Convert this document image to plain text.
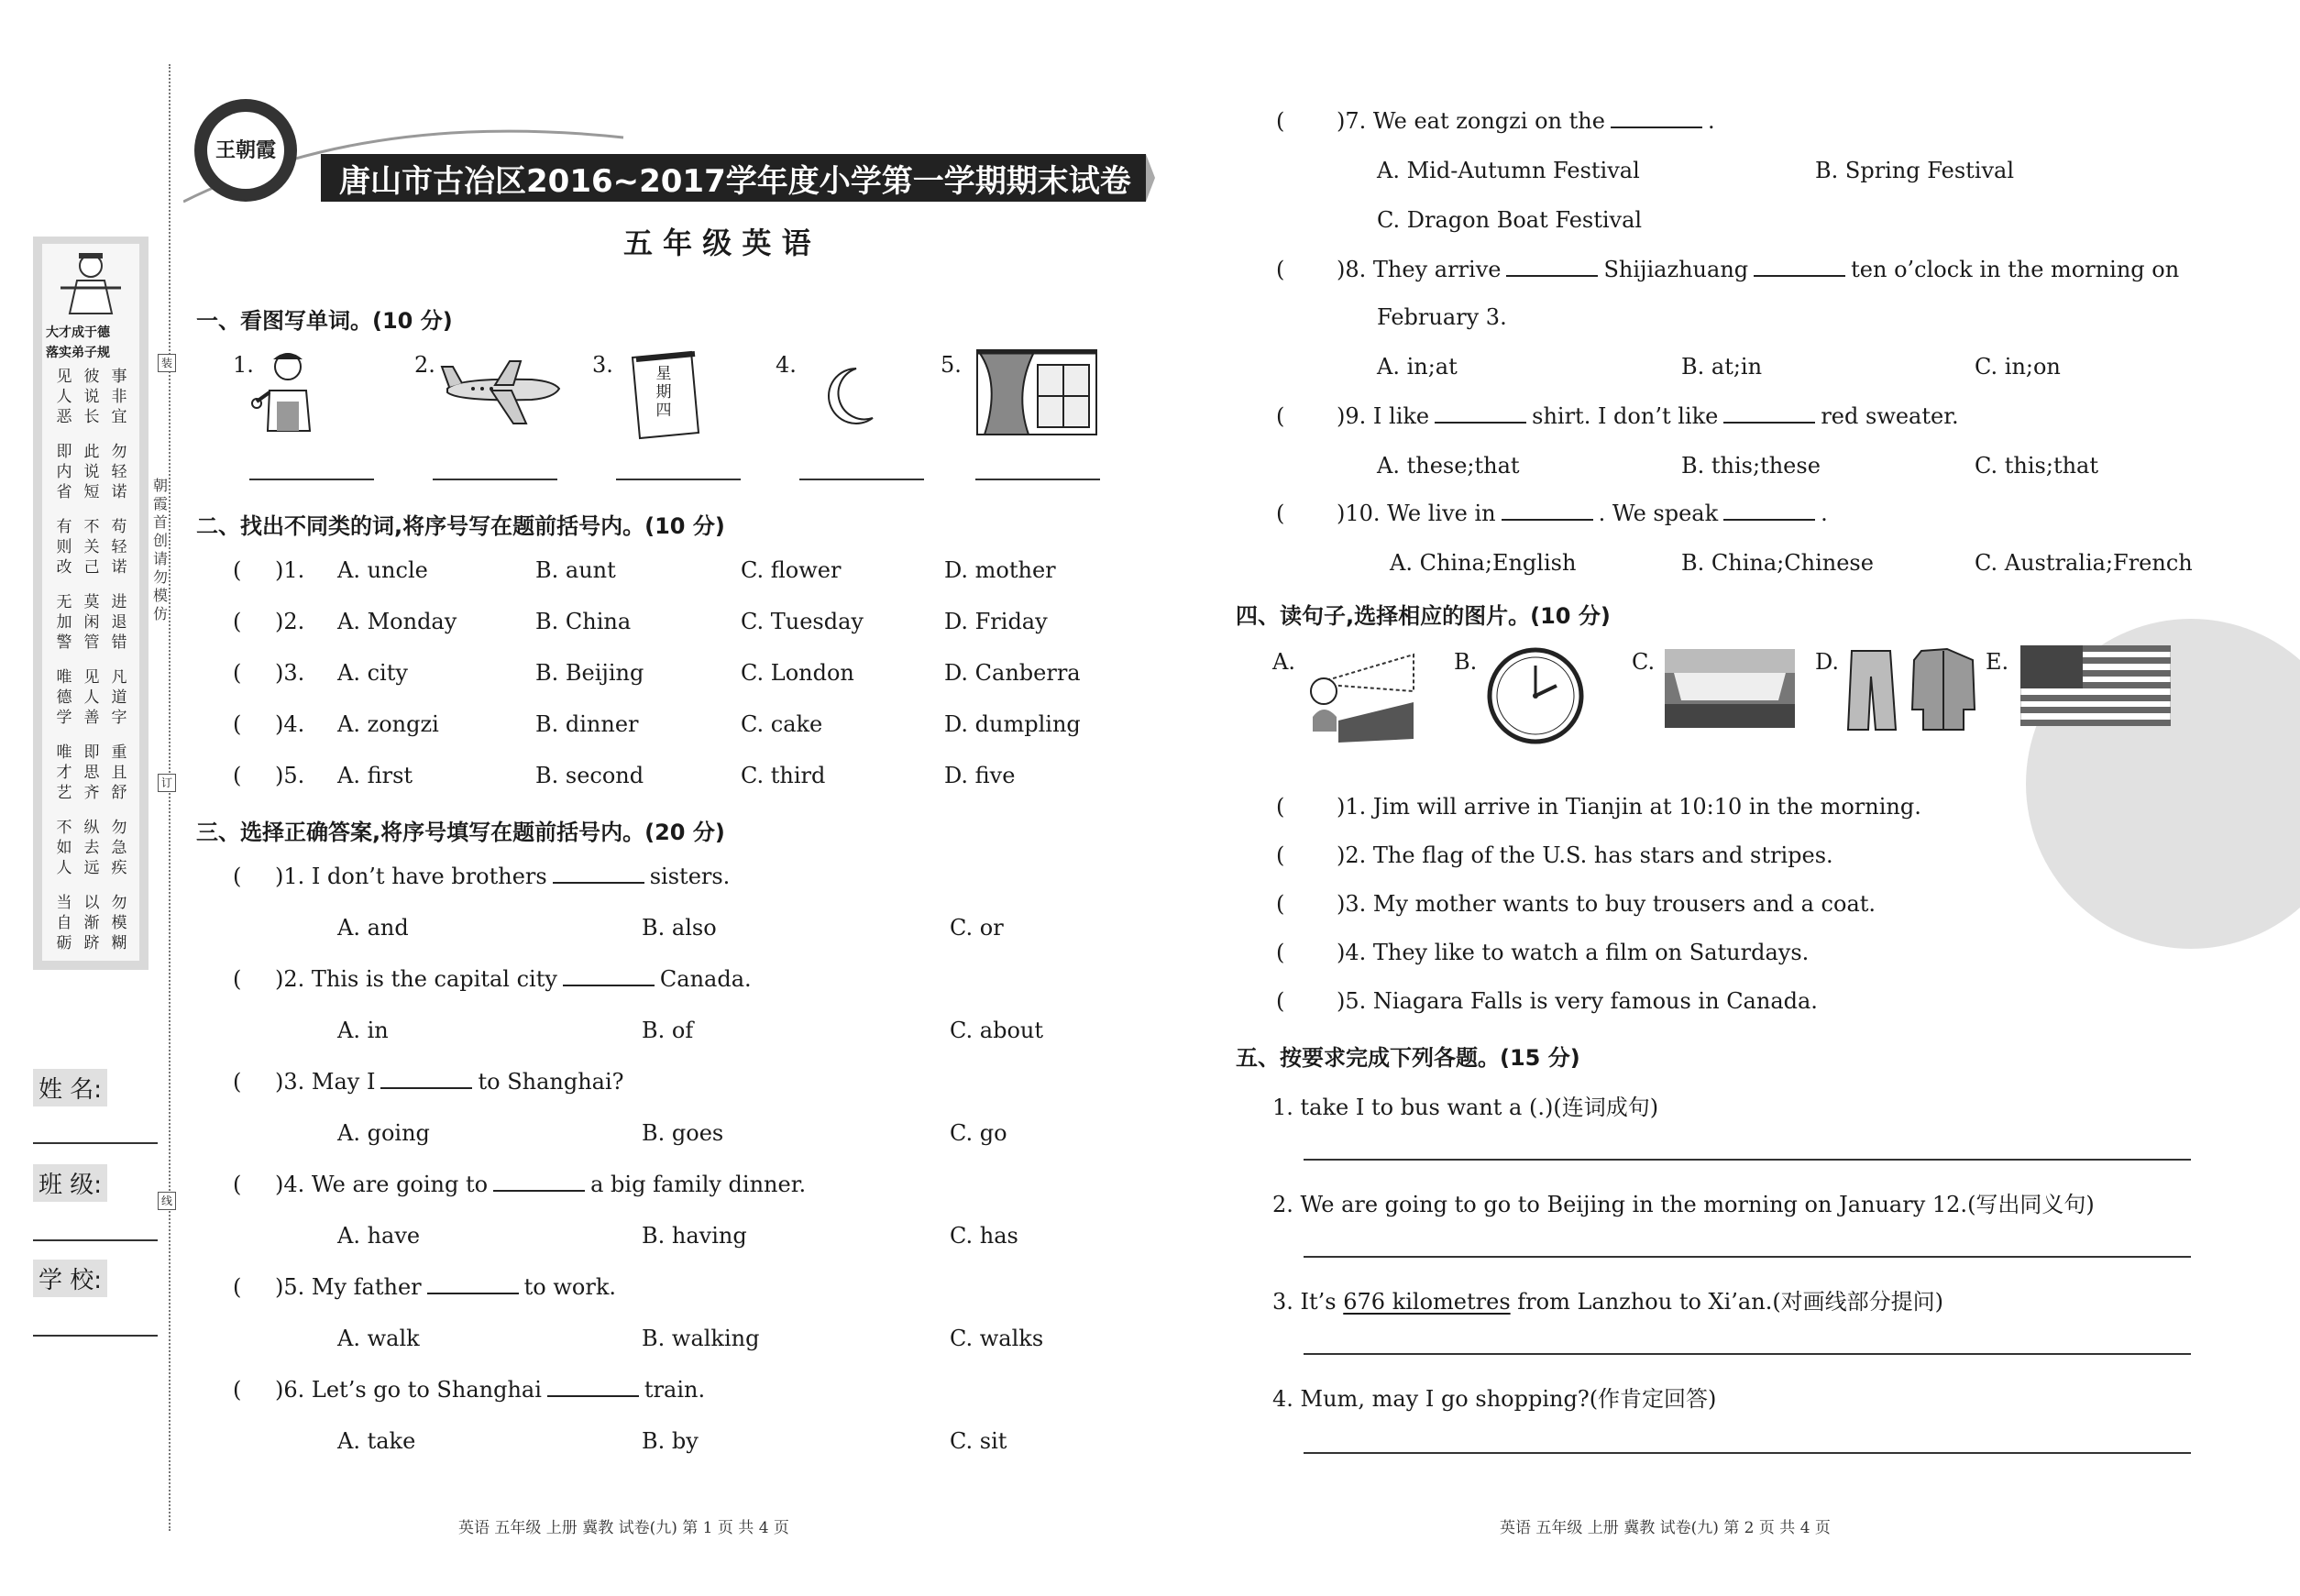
大才成于德
落实弟子规
见人恶
彼说长
事非宜
即内省
此说短
勿轻诺
有则改
不关己
苟轻诺
无加警
莫闲管
进退错
唯德学
见人善
凡道字
唯才艺
即思齐
重且舒
不如人
纵去远
勿急疾
当自砺
以渐跻
勿模糊
朝霞首创 请勿模仿
装
订
线
姓 名:
班 级:
学 校:
唐山市古冶区2016~2017学年度小学第一学期期末试卷
王朝霞
五 年 级 英 语
一、看图写单词。(10 分)
1.	2.	3.	星期四
4.	5.
二、找出不同类的词,将序号写在题前括号内。(10 分)
( )1. A. uncle	B. aunt	C. flower	D. mother
( )2. A. Monday	B. China	C. Tuesday	D. Friday
( )3. A. city	B. Beijing	C. London	D. Canberra
( )4. A. zongzi	B. dinner	C. cake	D. dumpling
( )5. A. first	B. second	C. third	D. five
三、选择正确答案,将序号填写在题前括号内。(20 分)
( )1. I don’t have brothers	sisters.
A. and	B. also	C. or
( )2. This is the capital city	Canada.
A. in	B. of	C. about
( )3. May I	to Shanghai?
A. going	B. goes	C. go
( )4. We are going to	a big family dinner.
A. have	B. having	C. has
( )5. My father	to work.
A. walk	B. walking	C. walks
( )6. Let’s go to Shanghai	train.
A. take	B. by	C. sit
( )7. We eat zongzi on the	.
A. Mid-Autumn Festival	B. Spring Festival
C. Dragon Boat Festival
( )8. They arrive	Shijiazhuang	ten o’clock in the morning on
February 3.
A. in;at	B. at;in	C. in;on
( )9. I like	shirt. I don’t like	red sweater.
A. these;that	B. this;these	C. this;that
( )10. We live in	. We speak	.
A. China;English	B. China;Chinese	C. Australia;French
四、读句子,选择相应的图片。(10 分)
A.	B.	C.	D.	E.
( )1. Jim will arrive in Tianjin at 10:10 in the morning.
( )2. The flag of the U.S. has stars and stripes.
( )3. My mother wants to buy trousers and a coat.
( )4. They like to watch a film on Saturdays.
( )5. Niagara Falls is very famous in Canada.
五、按要求完成下列各题。(15 分)
1. take I to bus want a (.)(连词成句)
2. We are going to go to Beijing in the morning on January 12.(写出同义句)
3. It’s 676 kilometres from Lanzhou to Xi’an.(对画线部分提问)
4. Mum, may I go shopping?(作肯定回答)
英语 五年级 上册 冀教 试卷(九) 第 1 页 共 4 页	英语 五年级 上册 冀教 试卷(九) 第 2 页 共 4 页
